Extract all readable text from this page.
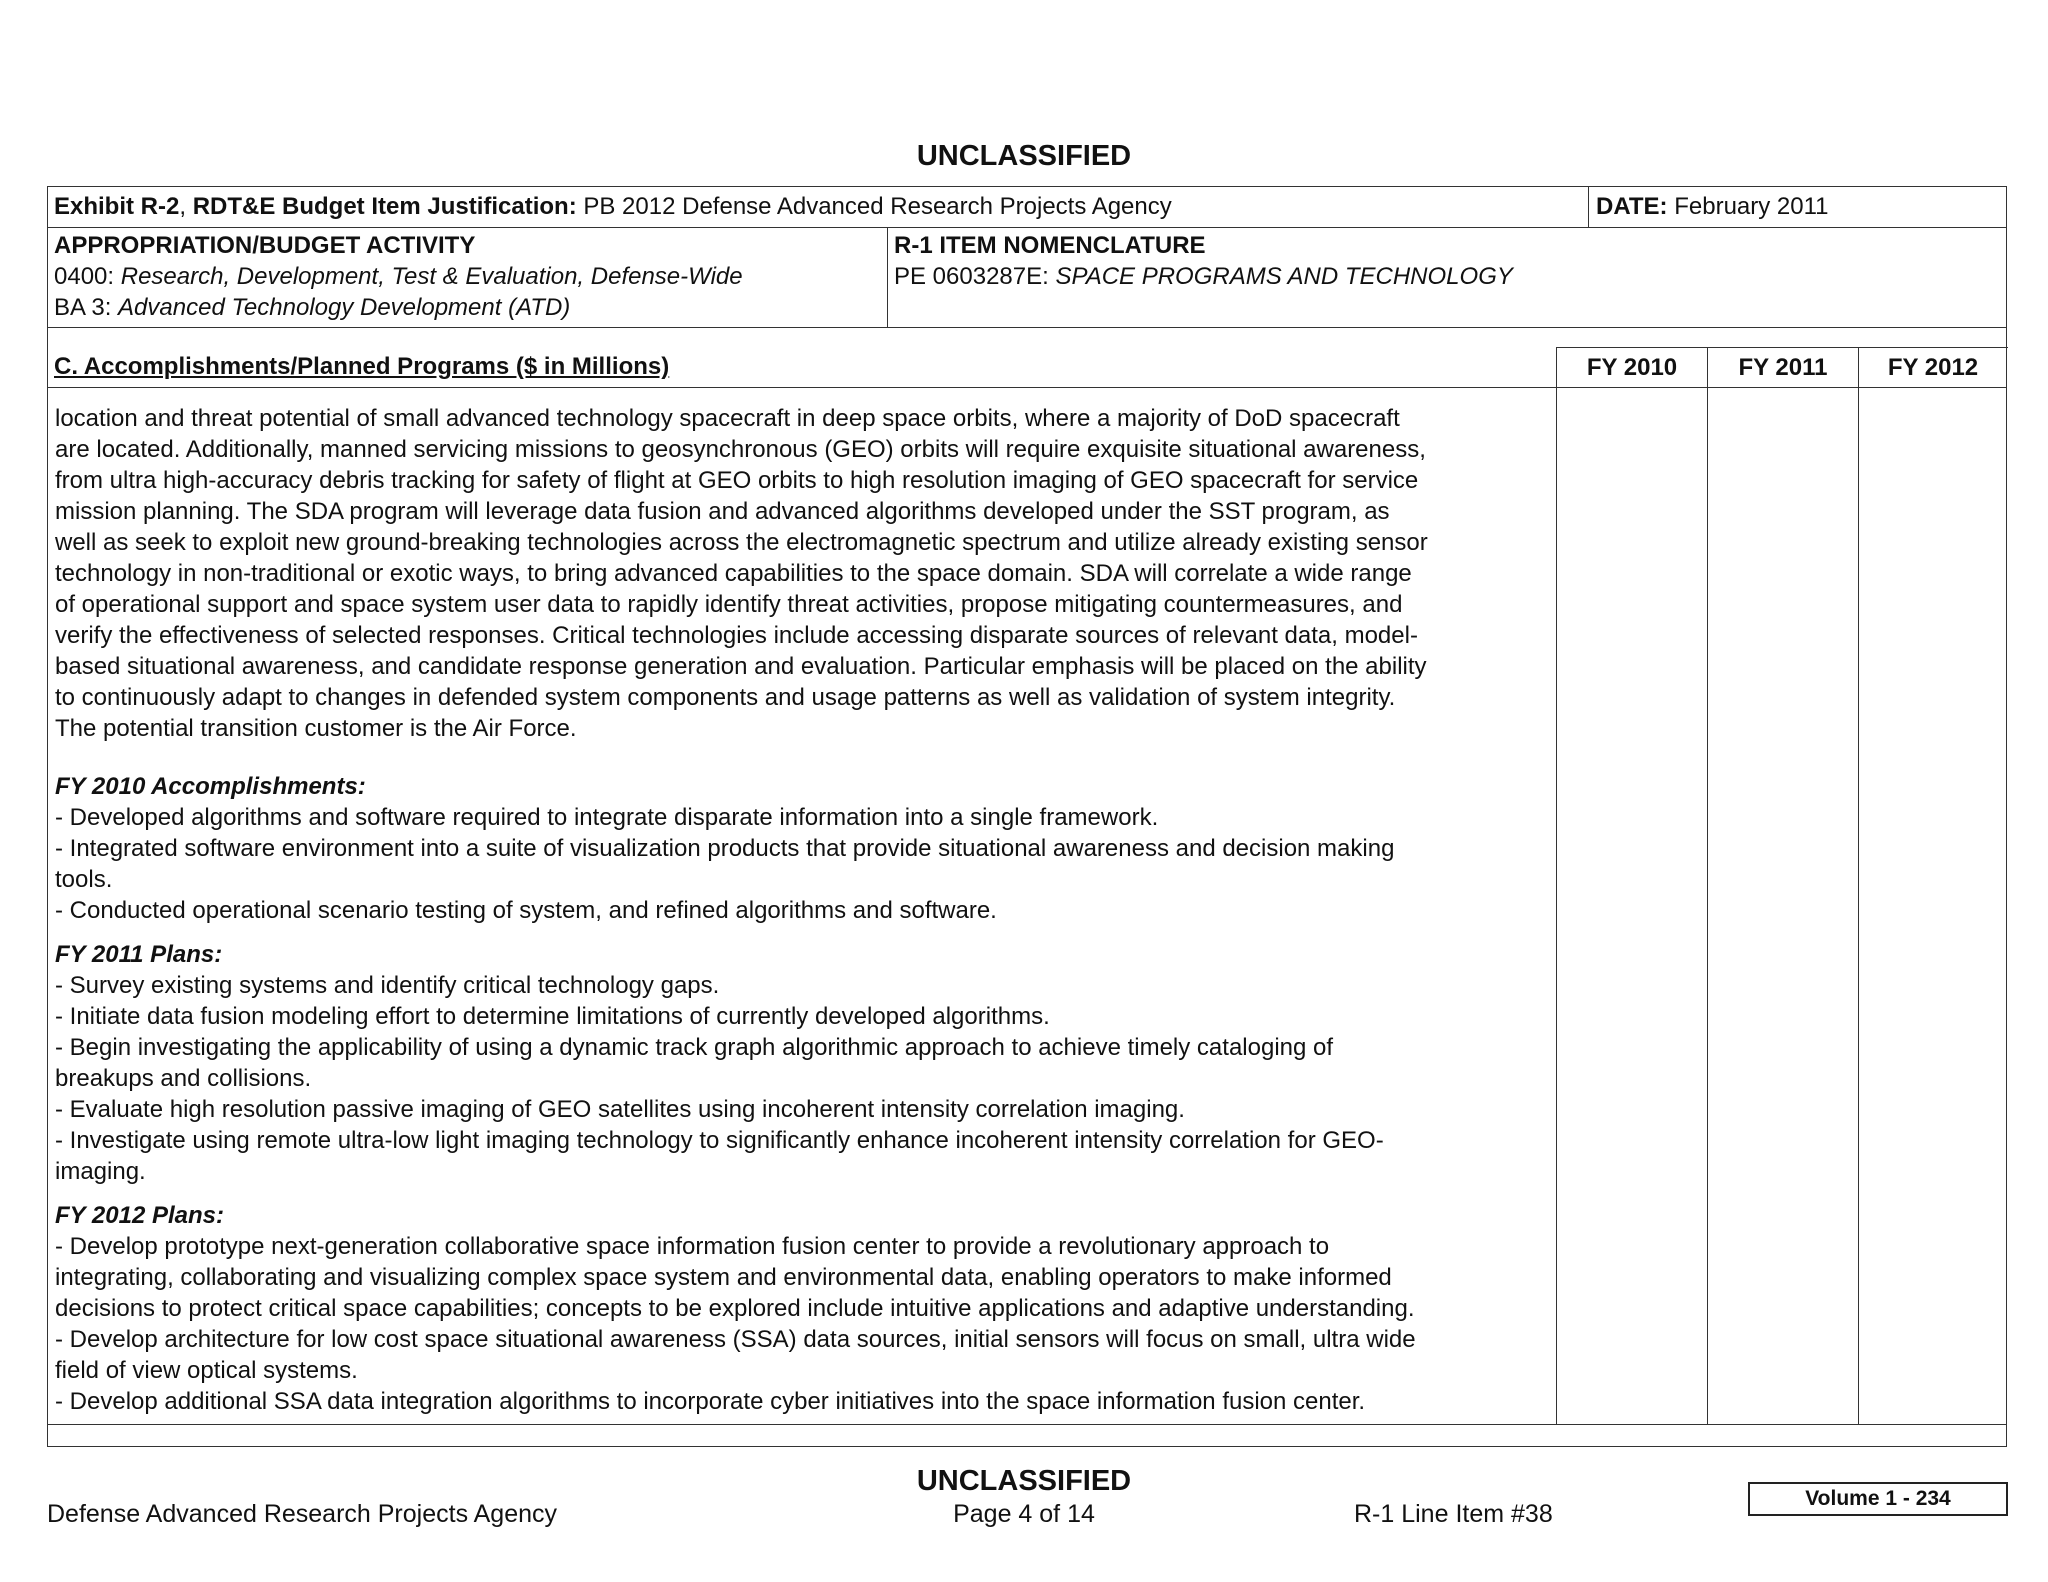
UNCLASSIFIED
Exhibit R-2, RDT&E Budget Item Justification: PB 2012 Defense Advanced Research Projects Agency	DATE: February 2011
APPROPRIATION/BUDGET ACTIVITY
0400: Research, Development, Test & Evaluation, Defense-Wide
BA 3: Advanced Technology Development (ATD)
R-1 ITEM NOMENCLATURE
PE 0603287E: SPACE PROGRAMS AND TECHNOLOGY
C. Accomplishments/Planned Programs ($ in Millions)	FY 2010	FY 2011	FY 2012
location and threat potential of small advanced technology spacecraft in deep space orbits, where a majority of DoD spacecraft
are located. Additionally, manned servicing missions to geosynchronous (GEO) orbits will require exquisite situational awareness,
from ultra high-accuracy debris tracking for safety of flight at GEO orbits to high resolution imaging of GEO spacecraft for service
mission planning. The SDA program will leverage data fusion and advanced algorithms developed under the SST program, as
well as seek to exploit new ground-breaking technologies across the electromagnetic spectrum and utilize already existing sensor
technology in non-traditional or exotic ways, to bring advanced capabilities to the space domain. SDA will correlate a wide range
of operational support and space system user data to rapidly identify threat activities, propose mitigating countermeasures, and
verify the effectiveness of selected responses. Critical technologies include accessing disparate sources of relevant data, model-
based situational awareness, and candidate response generation and evaluation. Particular emphasis will be placed on the ability
to continuously adapt to changes in defended system components and usage patterns as well as validation of system integrity.
The potential transition customer is the Air Force.
FY 2010 Accomplishments:
- Developed algorithms and software required to integrate disparate information into a single framework.
- Integrated software environment into a suite of visualization products that provide situational awareness and decision making
tools.
- Conducted operational scenario testing of system, and refined algorithms and software.
FY 2011 Plans:
- Survey existing systems and identify critical technology gaps.
- Initiate data fusion modeling effort to determine limitations of currently developed algorithms.
- Begin investigating the applicability of using a dynamic track graph algorithmic approach to achieve timely cataloging of
breakups and collisions.
- Evaluate high resolution passive imaging of GEO satellites using incoherent intensity correlation imaging.
- Investigate using remote ultra-low light imaging technology to significantly enhance incoherent intensity correlation for GEO-
imaging.
FY 2012 Plans:
- Develop prototype next-generation collaborative space information fusion center to provide a revolutionary approach to
integrating, collaborating and visualizing complex space system and environmental data, enabling operators to make informed
decisions to protect critical space capabilities; concepts to be explored include intuitive applications and adaptive understanding.
- Develop architecture for low cost space situational awareness (SSA) data sources, initial sensors will focus on small, ultra wide
field of view optical systems.
- Develop additional SSA data integration algorithms to incorporate cyber initiatives into the space information fusion center.
UNCLASSIFIED
Defense Advanced Research Projects Agency	Page 4 of 14	R-1 Line Item #38
Volume 1 - 234
